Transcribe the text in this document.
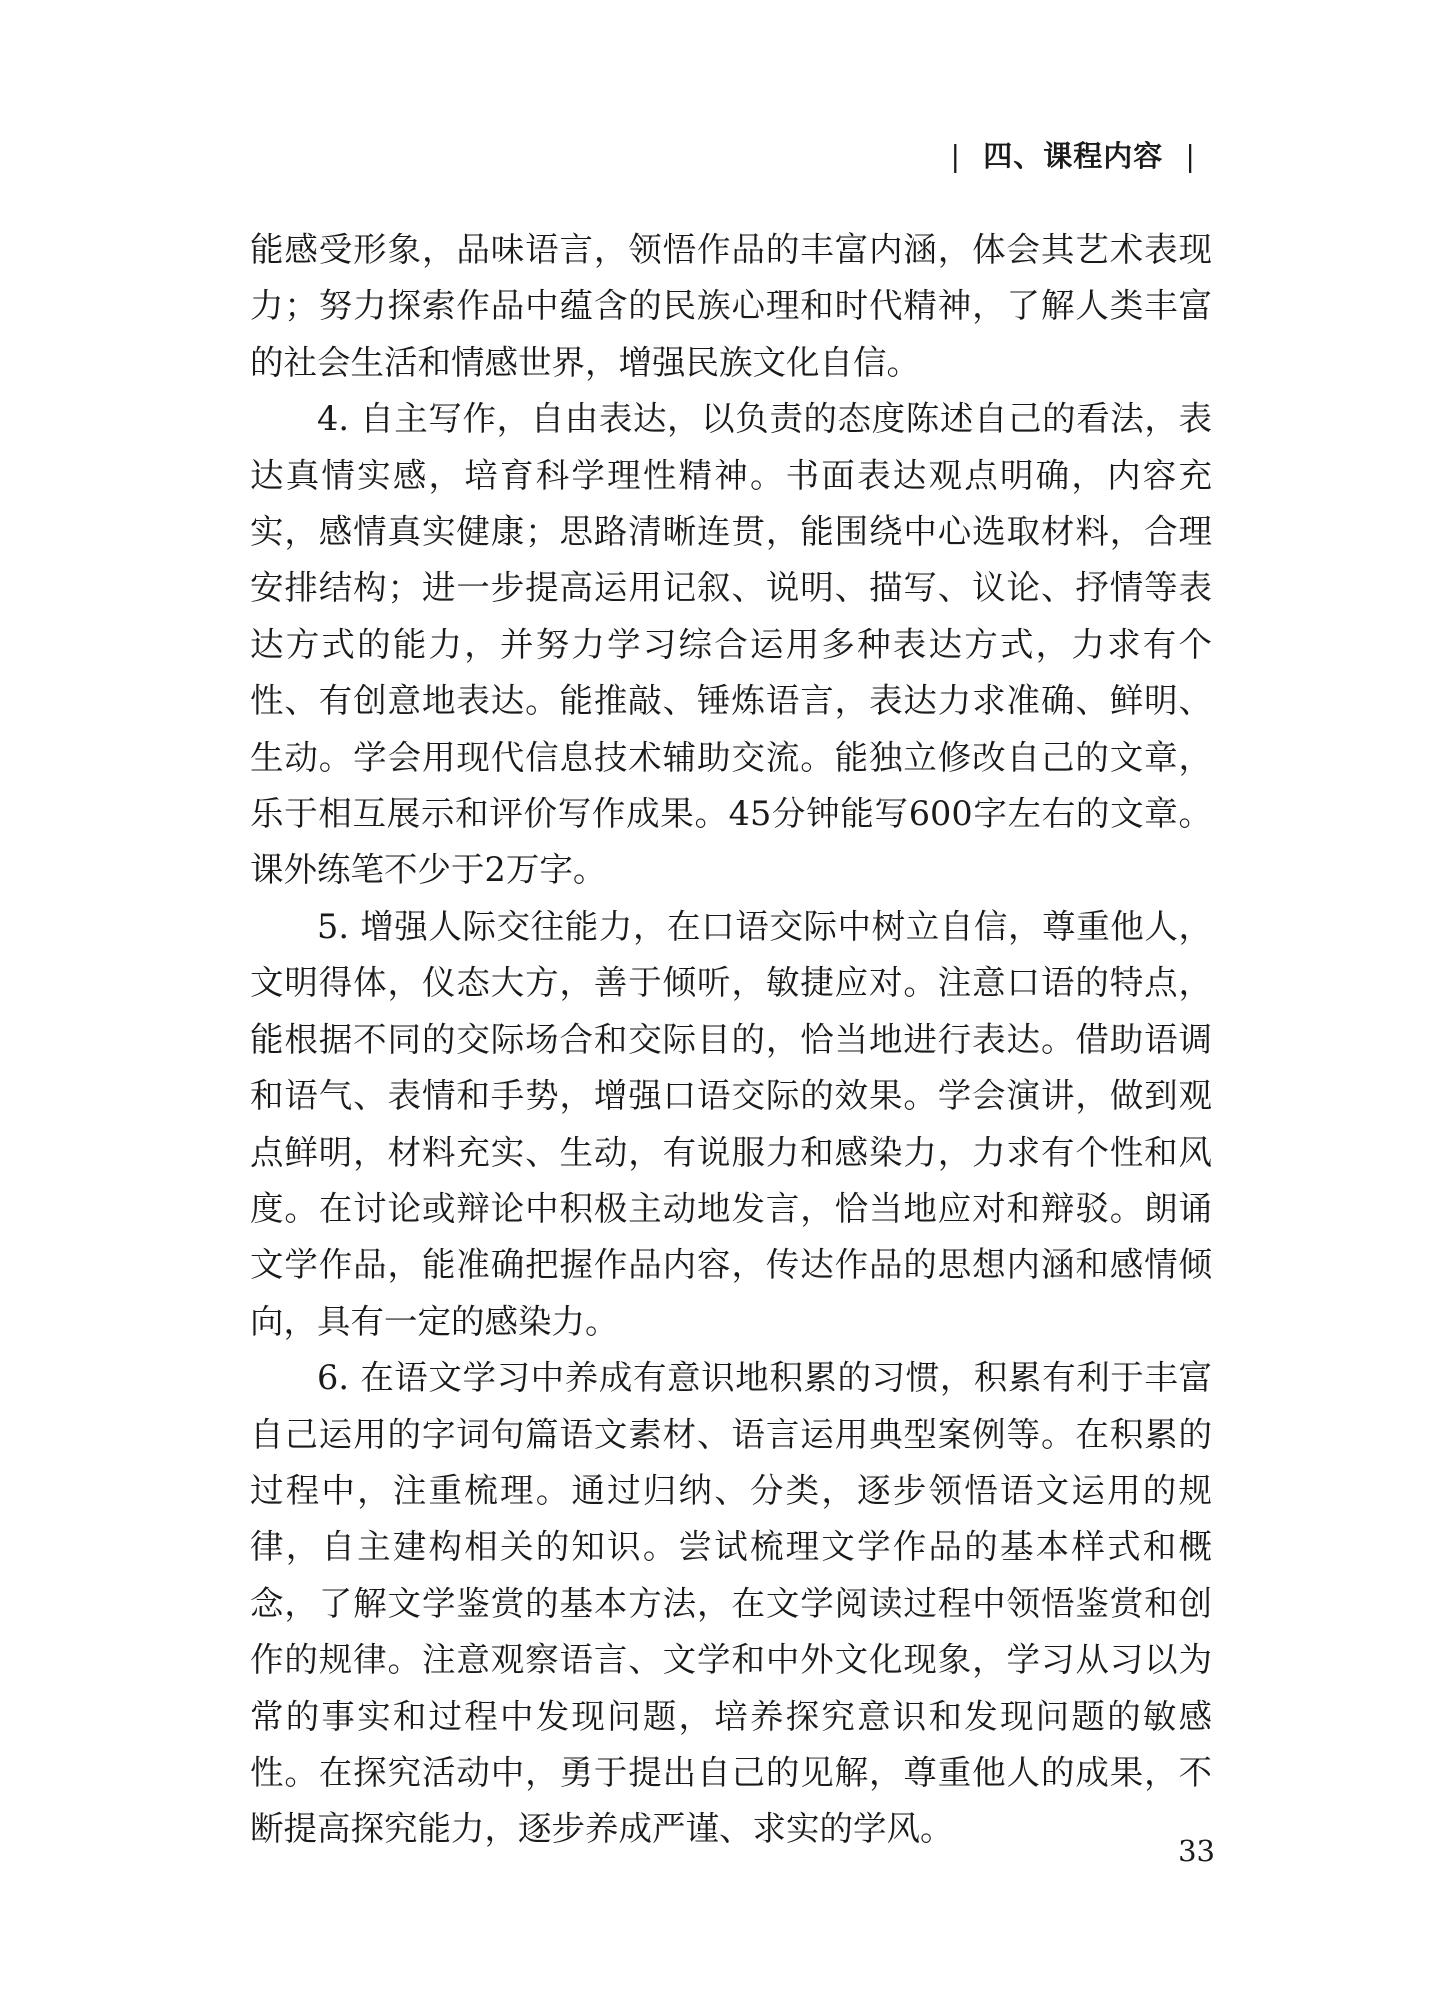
| 四、课程内容 |

能感受形象，品味语言，领悟作品的丰富内涵，体会其艺术表现力；努力探索作品中蕴含的民族心理和时代精神，了解人类丰富的社会生活和情感世界，增强民族文化自信。

4. 自主写作，自由表达，以负责的态度陈述自己的看法，表达真情实感，培育科学理性精神。书面表达观点明确，内容充实，感情真实健康；思路清晰连贯，能围绕中心选取材料，合理安排结构；进一步提高运用记叙、说明、描写、议论、抒情等表达方式的能力，并努力学习综合运用多种表达方式，力求有个性、有创意地表达。能推敲、锤炼语言，表达力求准确、鲜明、生动。学会用现代信息技术辅助交流。能独立修改自己的文章，乐于相互展示和评价写作成果。45分钟能写600字左右的文章。课外练笔不少于2万字。

5. 增强人际交往能力，在口语交际中树立自信，尊重他人，文明得体，仪态大方，善于倾听，敏捷应对。注意口语的特点，能根据不同的交际场合和交际目的，恰当地进行表达。借助语调和语气、表情和手势，增强口语交际的效果。学会演讲，做到观点鲜明，材料充实、生动，有说服力和感染力，力求有个性和风度。在讨论或辩论中积极主动地发言，恰当地应对和辩驳。朗诵文学作品，能准确把握作品内容，传达作品的思想内涵和感情倾向，具有一定的感染力。

6. 在语文学习中养成有意识地积累的习惯，积累有利于丰富自己运用的字词句篇语文素材、语言运用典型案例等。在积累的过程中，注重梳理。通过归纳、分类，逐步领悟语文运用的规律，自主建构相关的知识。尝试梳理文学作品的基本样式和概念，了解文学鉴赏的基本方法，在文学阅读过程中领悟鉴赏和创作的规律。注意观察语言、文学和中外文化现象，学习从习以为常的事实和过程中发现问题，培养探究意识和发现问题的敏感性。在探究活动中，勇于提出自己的见解，尊重他人的成果，不断提高探究能力，逐步养成严谨、求实的学风。

33
